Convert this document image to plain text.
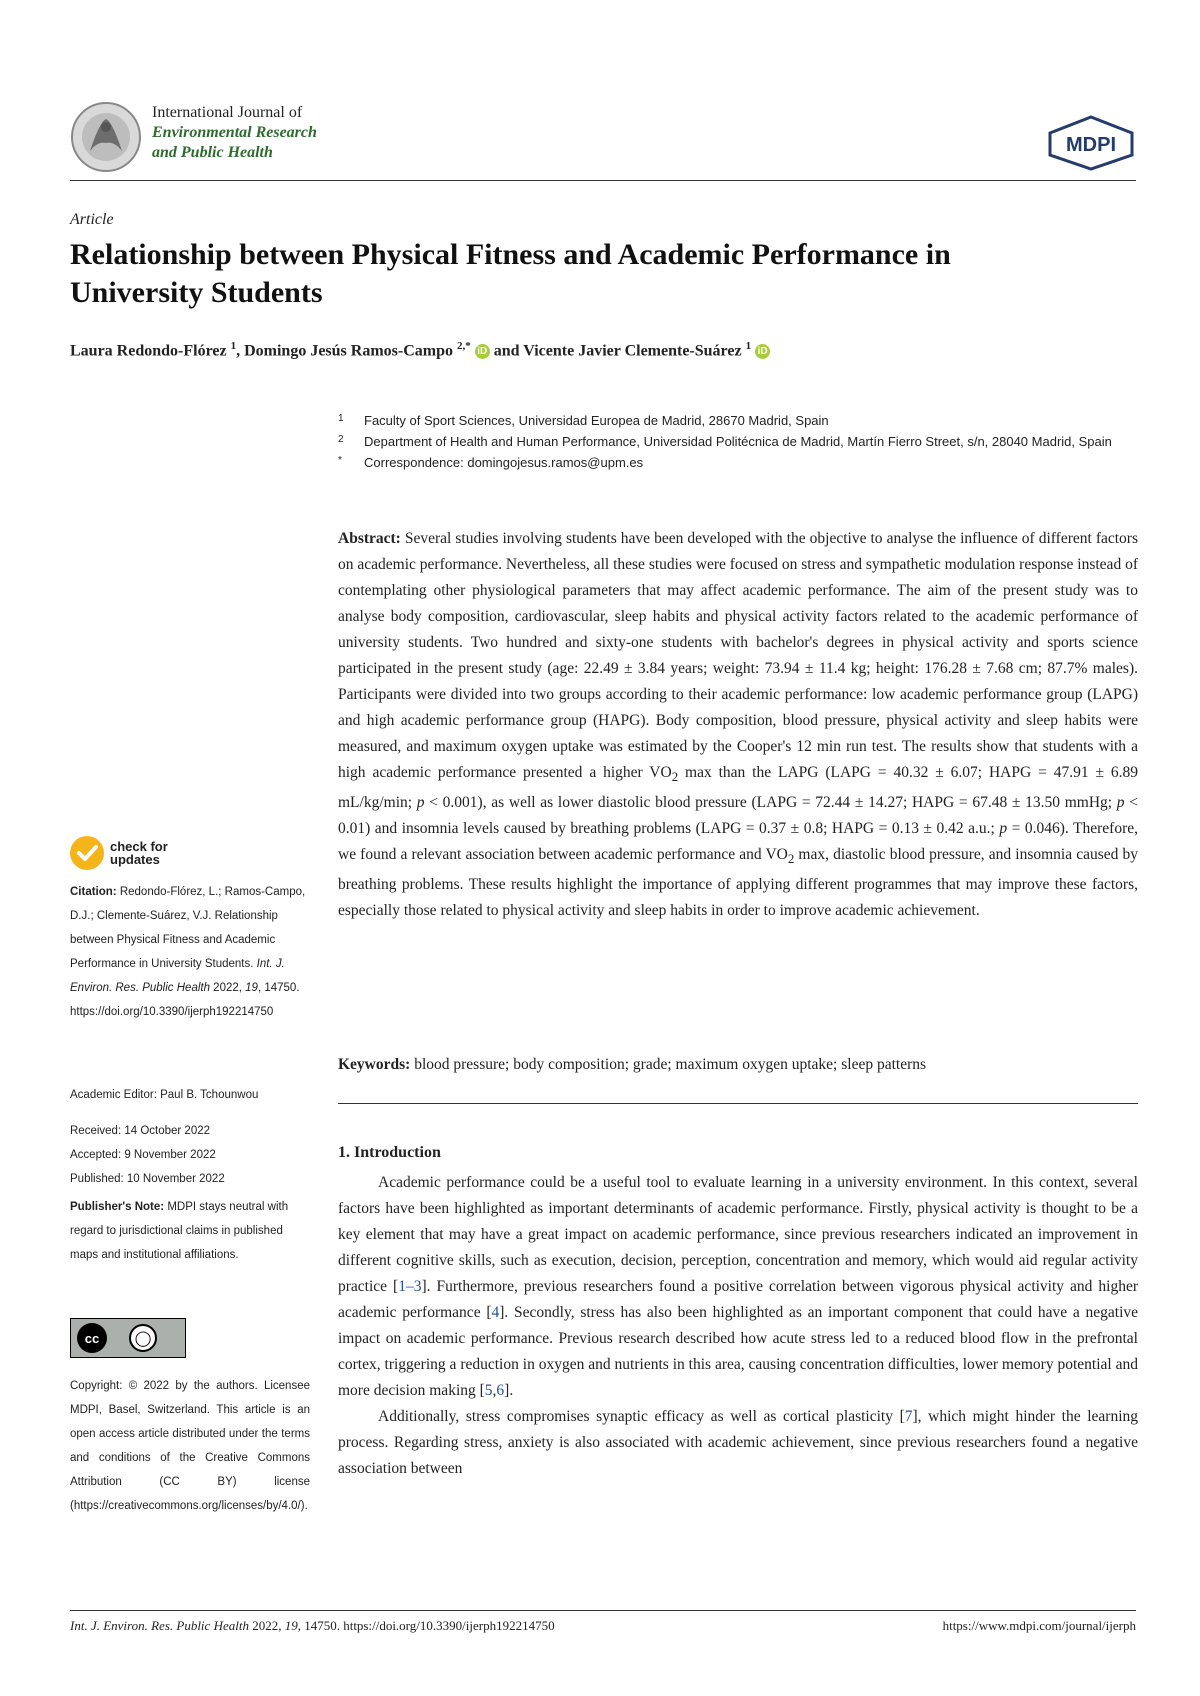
International Journal of
Environmental Research
and Public Health	MDPI
Article
Relationship between Physical Fitness and Academic Performance in University Students
Laura Redondo-Flórez $^1$, Domingo Jesús Ramos-Campo $^{2,*}$ iD and Vicente Javier Clemente-Suárez $^1$ iD
1	Faculty of Sport Sciences, Universidad Europea de Madrid, 28670 Madrid, Spain
2	Department of Health and Human Performance, Universidad Politécnica de Madrid, Martín Fierro Street, s/n, 28040 Madrid, Spain
*	Correspondence: domingojesus.ramos@upm.es
Abstract: Several studies involving students have been developed with the objective to analyse the influence of different factors on academic performance. Nevertheless, all these studies were focused on stress and sympathetic modulation response instead of contemplating other physiological parameters that may affect academic performance. The aim of the present study was to analyse body composition, cardiovascular, sleep habits and physical activity factors related to the academic performance of university students. Two hundred and sixty-one students with bachelor's degrees in physical activity and sports science participated in the present study (age: 22.49 ± 3.84 years; weight: 73.94 ± 11.4 kg; height: 176.28 ± 7.68 cm; 87.7% males). Participants were divided into two groups according to their academic performance: low academic performance group (LAPG) and high academic performance group (HAPG). Body composition, blood pressure, physical activity and sleep habits were measured, and maximum oxygen uptake was estimated by the Cooper's 12 min run test. The results show that students with a high academic performance presented a higher $VO_2$ max than the LAPG (LAPG = 40.32 ± 6.07; HAPG = 47.91 ± 6.89 mL/kg/min; p < 0.001), as well as lower diastolic blood pressure (LAPG = 72.44 ± 14.27; HAPG = 67.48 ± 13.50 mmHg; p < 0.01) and insomnia levels caused by breathing problems (LAPG = 0.37 ± 0.8; HAPG = 0.13 ± 0.42 a.u.; p = 0.046). Therefore, we found a relevant association between academic performance and $VO_2$ max, diastolic blood pressure, and insomnia caused by breathing problems. These results highlight the importance of applying different programmes that may improve these factors, especially those related to physical activity and sleep habits in order to improve academic achievement.
Keywords: blood pressure; body composition; grade; maximum oxygen uptake; sleep patterns
1. Introduction

Academic performance could be a useful tool to evaluate learning in a university environment. In this context, several factors have been highlighted as important determinants of academic performance. Firstly, physical activity is thought to be a key element that may have a great impact on academic performance, since previous researchers indicated an improvement in different cognitive skills, such as execution, decision, perception, concentration and memory, which would aid regular activity practice [1–3]. Furthermore, previous researchers found a positive correlation between vigorous physical activity and higher academic performance [4]. Secondly, stress has also been highlighted as an important component that could have a negative impact on academic performance. Previous research described how acute stress led to a reduced blood flow in the prefrontal cortex, triggering a reduction in oxygen and nutrients in this area, causing concentration difficulties, lower memory potential and more decision making [5,6].

Additionally, stress compromises synaptic efficacy as well as cortical plasticity [7], which might hinder the learning process. Regarding stress, anxiety is also associated with academic achievement, since previous researchers found a negative association between

check for
updates
Citation: Redondo-Flórez, L.; Ramos-Campo, D.J.; Clemente-Suárez, V.J. Relationship between Physical Fitness and Academic Performance in University Students. Int. J. Environ. Res. Public Health 2022, 19, 14750. https://doi.org/10.3390/ijerph192214750
Academic Editor: Paul B. Tchounwou
Received: 14 October 2022
Accepted: 9 November 2022
Published: 10 November 2022
Publisher's Note: MDPI stays neutral with regard to jurisdictional claims in published maps and institutional affiliations.
cc	◯
Copyright: © 2022 by the authors. Licensee MDPI, Basel, Switzerland. This article is an open access article distributed under the terms and conditions of the Creative Commons Attribution (CC BY) license (https://creativecommons.org/licenses/by/4.0/).
Int. J. Environ. Res. Public Health 2022, 19, 14750. https://doi.org/10.3390/ijerph192214750	https://www.mdpi.com/journal/ijerph
